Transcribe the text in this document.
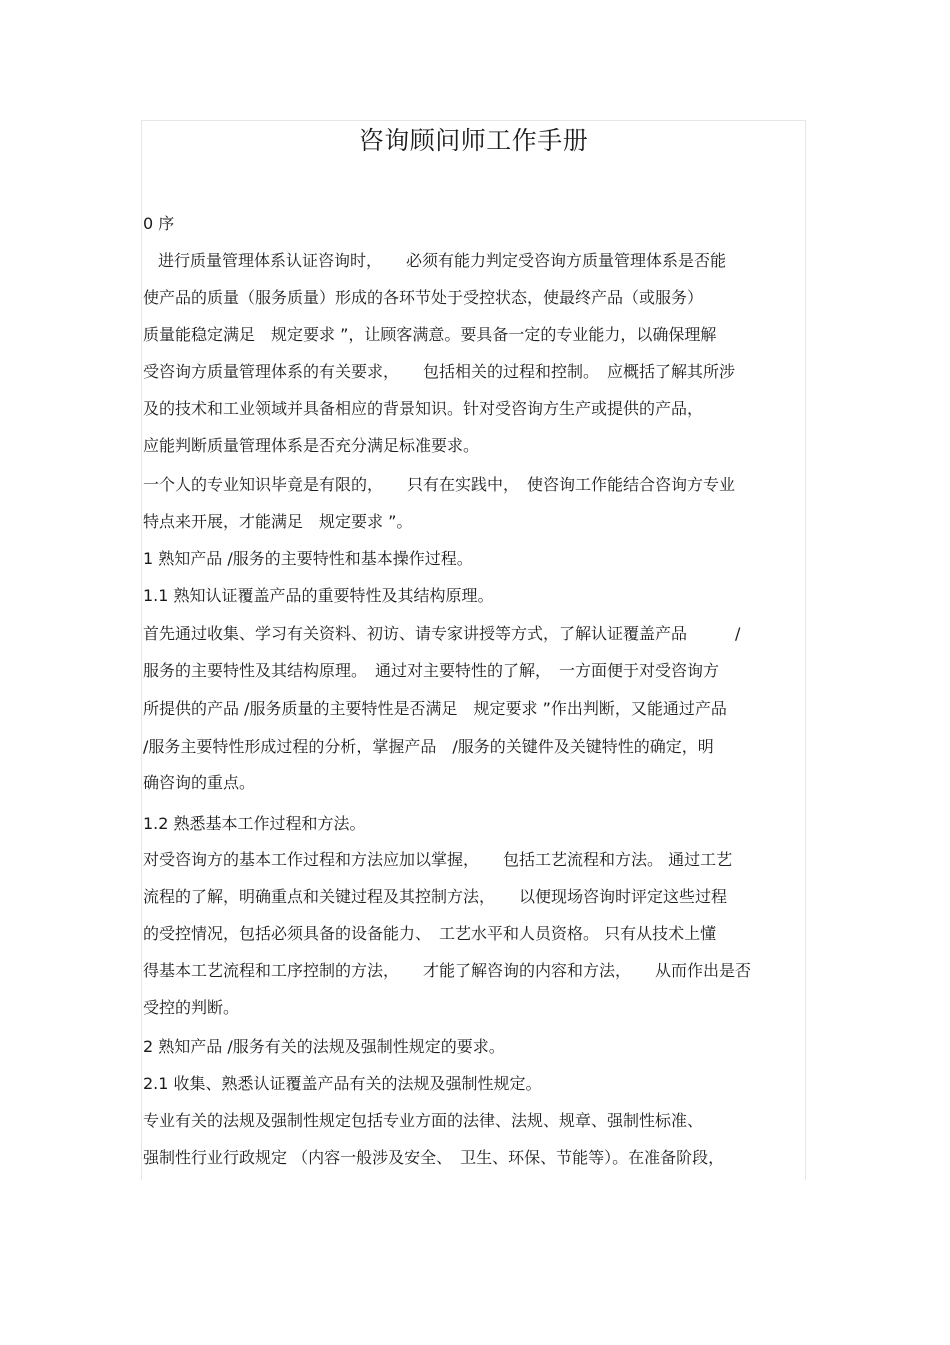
咨询顾问师工作手册
0 序
进行质量管理体系认证咨询时，　　必须有能力判定受咨询方质量管理体系是否能
使产品的质量（服务质量）形成的各环节处于受控状态，使最终产品（或服务）
质量能稳定满足　规定要求 ”，让顾客满意。要具备一定的专业能力，以确保理解
受咨询方质量管理体系的有关要求，　　包括相关的过程和控制。　应概括了解其所涉
及的技术和工业领域并具备相应的背景知识。针对受咨询方生产或提供的产品，
应能判断质量管理体系是否充分满足标准要求。
一个人的专业知识毕竟是有限的，　　只有在实践中，　使咨询工作能结合咨询方专业
特点来开展，才能满足　规定要求 ”。
1 熟知产品 /服务的主要特性和基本操作过程。
1.1 熟知认证覆盖产品的重要特性及其结构原理。
首先通过收集、学习有关资料、初访、请专家讲授等方式，了解认证覆盖产品　　　/
服务的主要特性及其结构原理。　通过对主要特性的了解，　一方面便于对受咨询方
所提供的产品 /服务质量的主要特性是否满足　规定要求 ”作出判断，又能通过产品
/服务主要特性形成过程的分析，掌握产品　/服务的关键件及关键特性的确定，明
确咨询的重点。
1.2 熟悉基本工作过程和方法。
对受咨询方的基本工作过程和方法应加以掌握，　　包括工艺流程和方法。 通过工艺
流程的了解，明确重点和关键过程及其控制方法，　　以便现场咨询时评定这些过程
的受控情况，包括必须具备的设备能力、　工艺水平和人员资格。 只有从技术上懂
得基本工艺流程和工序控制的方法，　　才能了解咨询的内容和方法，　　从而作出是否
受控的判断。
2 熟知产品 /服务有关的法规及强制性规定的要求。
2.1 收集、熟悉认证覆盖产品有关的法规及强制性规定。
专业有关的法规及强制性规定包括专业方面的法律、法规、规章、强制性标准、
强制性行业行政规定 （内容一般涉及安全、　卫生、环保、节能等）。在准备阶段，
